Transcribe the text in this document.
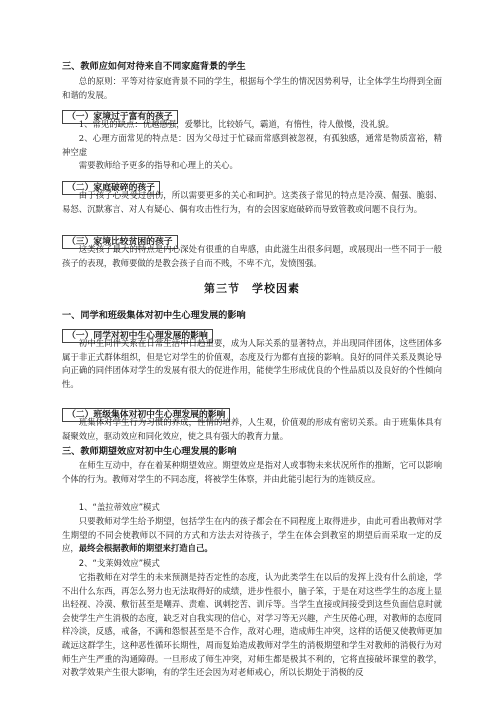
三、教师应如何对待来自不同家庭背景的学生
总的原则：平等对待家庭背景不同的学生，根据每个学生的情况因势利导，让全体学生均得到全面和谐的发展。
（一）家境过于富有的孩子
1、常见的缺点：优越感强，爱攀比，比较娇气，霸道，有惰性，待人傲慢，没礼貌。
2、心理方面常见的特点是：因为父母过于忙碌而常感到被忽视，有孤独感，通常是物质富裕，精神空虚
需要教师给予更多的指导和心理上的关心。
（二）家庭破碎的孩子
由于孩子心灵受过创伤，所以需要更多的关心和呵护。这类孩子常见的特点是冷漠、倔强、脆弱、易怒、沉默寡言、对人有疑心、偶有攻击性行为，有的会因家庭破碎而导致管教或问题不良行为。
（三）家境比较贫困的孩子
这类孩子最大的特点是内心深处有很重的自卑感，由此滋生出很多问题，或展现出一些不同于一般孩子的表现，教师要做的是教会孩子自而不贱，不卑不亢，发愤图强。
第三节　学校因素
一、同学和班级集体对初中生心理发展的影响
（一）同学对初中生心理发展的影响
初中生同伴关系在日常生活中日趋重要，成为人际关系的显著特点，并出现同伴团体，这些团体多属于非正式群体组织，但是它对学生的价值观，态度及行为都有直接的影响。良好的同伴关系及舆论导向正确的同伴团体对学生的发展有很大的促进作用，能使学生形成优良的个性品质以及良好的个性倾向性。
（二）班级集体对初中生心理发展的影响
班集体对学生行为习惯的养成，性情的培养，人生观，价值观的形成有密切关系。由于班集体具有凝聚效应，驱动效应和同化效应，使之具有强大的教育力量。
三、教师期望效应对初中生心理发展的影响
在师生互动中，存在着某种期望效应。期望效应是指对人或事物未来状况所作的推断，它可以影响个体的行为。教师对学生的不同态度，将被学生体察，并由此能引起行为的连锁反应。
1、“盖拉蒂效应”模式
只要教师对学生给予期望，包括学生在内的孩子都会在不同程度上取得进步，由此可看出教师对学生期望的不同会使教师以不同的方式和方法去对待孩子，学生在体会到教室的期望后而采取一定的反应，最终会根据教师的期望来打造自己。
2、“戈莱姆效应”模式
它指教师在对学生的未来预测是持否定性的态度，认为此类学生在以后的发挥上没有什么前途，学不出什么东西，再怎么努力也无法取得好的成绩，进步性很小，脑子笨，于是在对这些学生的态度上显出轻视、冷漠、敷衍甚至是嘲弄、责难、讽刺挖苦、训斥等。当学生直接或间接受到这些负面信息时就会使学生产生消极的态度，缺乏对自我实现的信心，对学习等无兴趣，产生厌倦心理，对教师的态度同样冷淡，反感，戒备，不满和怨恨甚至是不合作，敌对心理，造成师生冲突，这样的话便又使教师更加疏远这群学生，这种恶性循环长期性，周而复始造成教师对学生的消极期望和学生对教师的消极行为对师生产生严重的沟通障碍。一旦形成了师生冲突，对师生都是极其不利的，它将直接破坏课堂的教学，对教学效果产生很大影响，有的学生还会因为对老师戒心，所以长期处于消极的反
